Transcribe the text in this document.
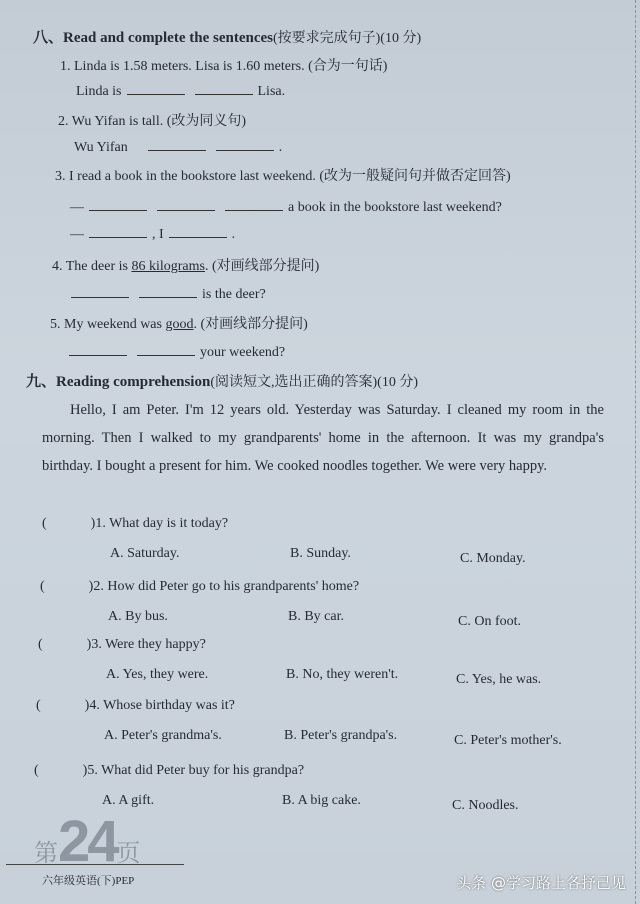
八、Read and complete the sentences(按要求完成句子)(10 分)
1. Linda is 1.58 meters. Lisa is 1.60 meters. (合为一句话)
Linda is	Lisa.
2. Wu Yifan is tall. (改为同义句)
Wu Yifan	.
3. I read a book in the bookstore last weekend. (改为一般疑问句并做否定回答)
—	a book in the bookstore last weekend?
—	, I	.
4. The deer is 86 kilograms. (对画线部分提问)
is the deer?
5. My weekend was good. (对画线部分提问)
your weekend?
九、Reading comprehension(阅读短文,选出正确的答案)(10 分)
Hello, I am Peter. I'm 12 years old. Yesterday was Saturday. I cleaned my room in the morning. Then I walked to my grandparents' home in the afternoon. It was my grandpa's birthday. I bought a present for him. We cooked noodles together. We were very happy.
(	)1. What day is it today?
A. Saturday.	B. Sunday.	C. Monday.
(	)2. How did Peter go to his grandparents' home?
A. By bus.	B. By car.	C. On foot.
(	)3. Were they happy?
A. Yes, they were.	B. No, they weren't.	C. Yes, he was.
(	)4. Whose birthday was it?
A. Peter's grandma's.	B. Peter's grandpa's.	C. Peter's mother's.
(	)5. What did Peter buy for his grandpa?
A. A gift.	B. A big cake.	C. Noodles.
第24页
六年级英语(下)PEP	头条 @学习路上各抒己见
